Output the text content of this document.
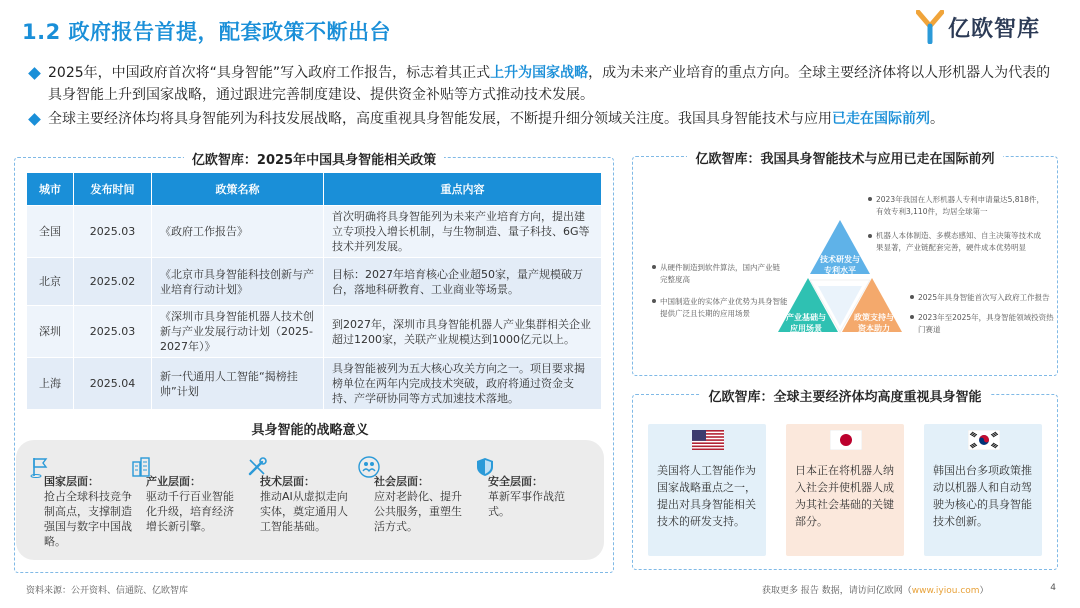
1.2 政府报告首提，配套政策不断出台	亿欧智库
2025年，中国政府首次将“具身智能”写入政府工作报告，标志着其正式上升为国家战略，成为未来产业培育的重点方向。全球主要经济体将以人形机器人为代表的具身智能上升到国家战略，通过跟进完善制度建设、提供资金补贴等方式推动技术发展。
全球主要经济体均将具身智能列为科技发展战略，高度重视具身智能发展，不断提升细分领域关注度。我国具身智能技术与应用已走在国际前列。
亿欧智库：2025年中国具身智能相关政策
城市	发布时间	政策名称	重点内容
全国	2025.03	《政府工作报告》	首次明确将具身智能列为未来产业培育方向，提出建立专项投入增长机制，与生物制造、量子科技、6G等技术并列发展。
北京	2025.02	《北京市具身智能科技创新与产业培育行动计划》	目标：2027年培育核心企业超50家，量产规模破万台，落地科研教育、工业商业等场景。
深圳	2025.03	《深圳市具身智能机器人技术创新与产业发展行动计划（2025-2027年）》	到2027年，深圳市具身智能机器人产业集群相关企业超过1200家，关联产业规模达到1000亿元以上。
上海	2025.04	新一代通用人工智能“揭榜挂帅”计划	具身智能被列为五大核心攻关方向之一。项目要求揭榜单位在两年内完成技术突破，政府将通过资金支持、产学研协同等方式加速技术落地。
具身智能的战略意义
国家层面：
抢占全球科技竞争制高点，支撑制造强国与数字中国战略。
产业层面：
驱动千行百业智能化升级，培育经济增长新引擎。
技术层面：
推动AI从虚拟走向实体，奠定通用人工智能基础。
社会层面：
应对老龄化、提升公共服务，重塑生活方式。
安全层面：
革新军事作战范式。
亿欧智库：我国具身智能技术与应用已走在国际前列
技术研发与专利水平
产业基础与应用场景
政策支持与资本助力
2023年我国在人形机器人专利申请量达5,818件，有效专利3,110件，均居全球第一
机器人本体制造、多模态感知、自主决策等技术成果显著，产业链配套完善，硬件成本优势明显
从硬件制造到软件算法，国内产业链完整度高
中国制造业的实体产业优势为具身智能提供广泛且长期的应用场景
2025年具身智能首次写入政府工作报告
2023年至2025年，具身智能领域投资热门赛道
亿欧智库：全球主要经济体均高度重视具身智能
美国将人工智能作为国家战略重点之一，提出对具身智能相关技术的研发支持。
日本正在将机器人纳入社会并使机器人成为其社会基础的关键部分。
韩国出台多项政策推动以机器人和自动驾驶为核心的具身智能技术创新。
资料来源：公开资料、信通院、亿欧智库	获取更多 报告 数据，请访问亿欧网（www.iyiou.com）	4
